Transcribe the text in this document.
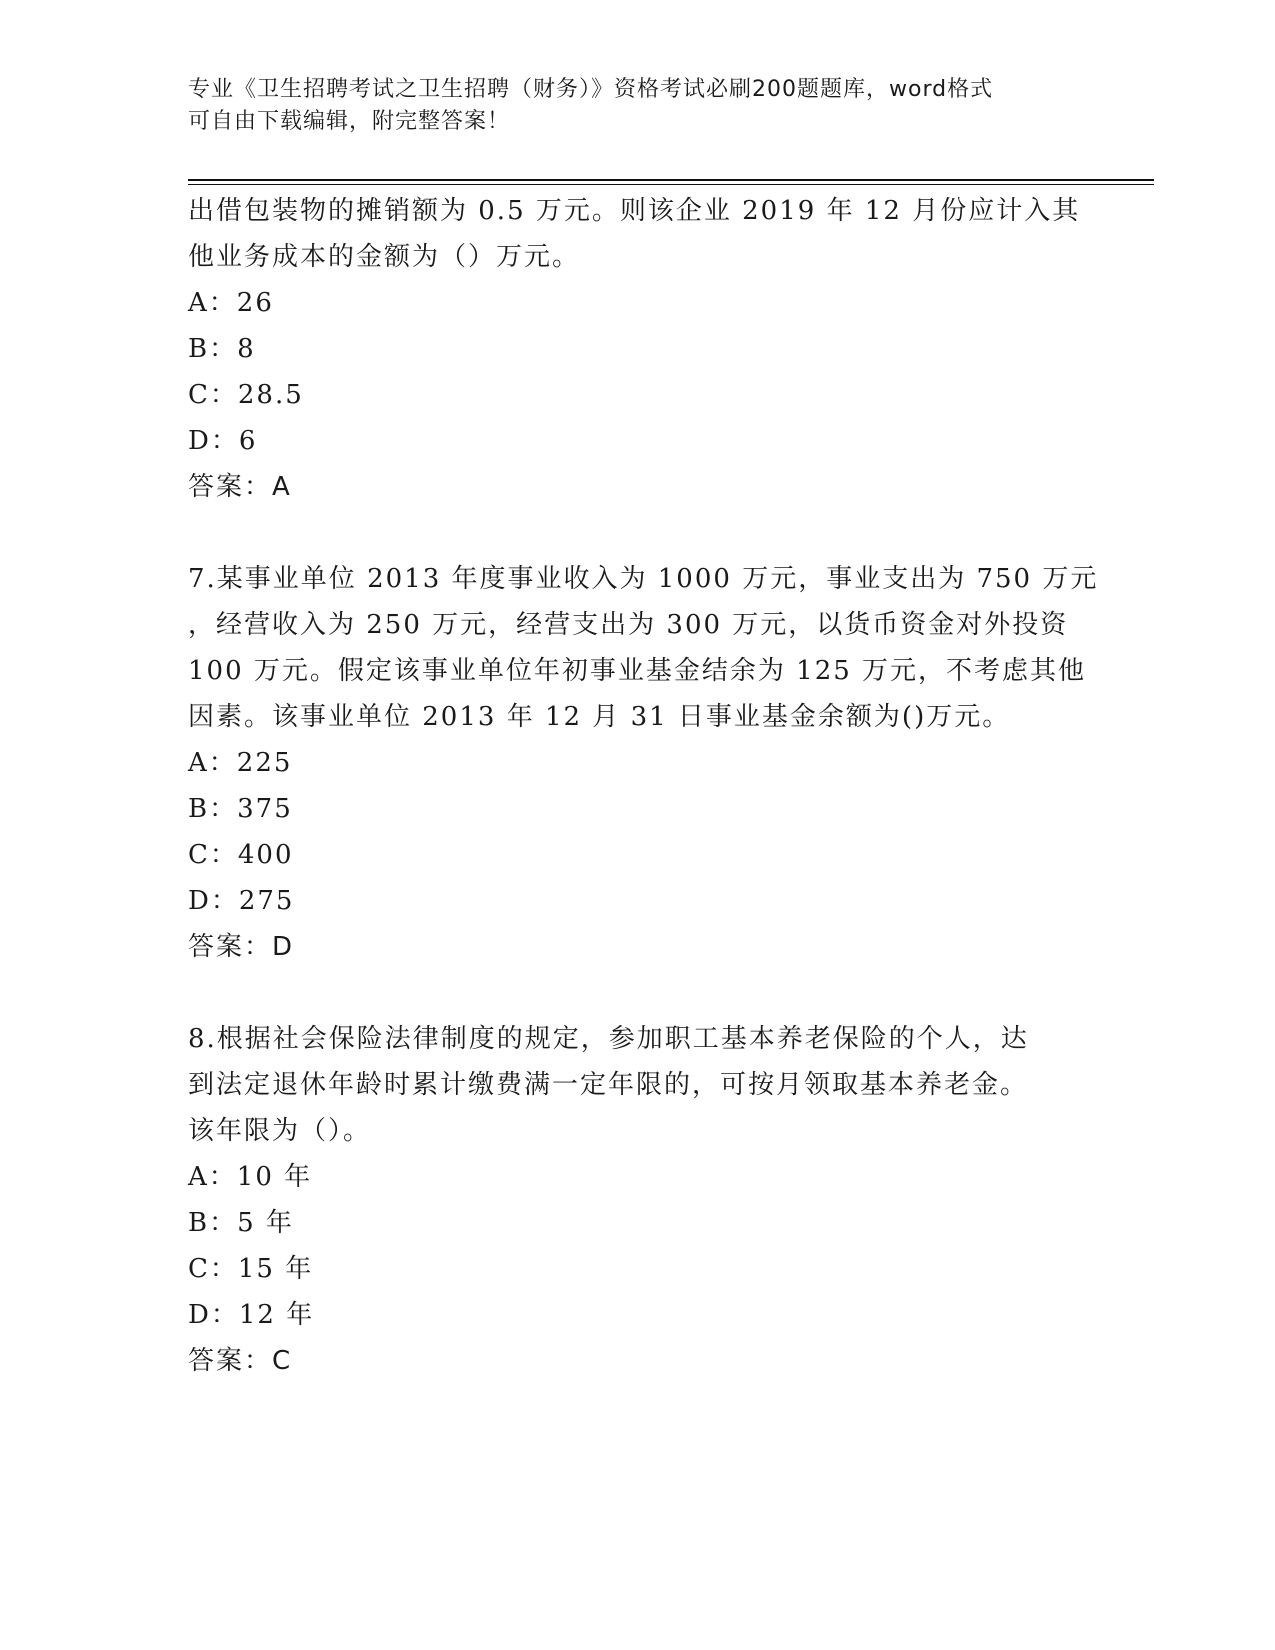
专业《卫生招聘考试之卫生招聘（财务）》资格考试必刷200题题库，word格式
可自由下载编辑，附完整答案！
出借包装物的摊销额为 0.5 万元。则该企业 2019 年 12 月份应计入其
他业务成本的金额为（）万元。
A：26
B：8
C：28.5
D：6
答案：A
7.某事业单位 2013 年度事业收入为 1000 万元，事业支出为 750 万元
，经营收入为 250 万元，经营支出为 300 万元，以货币资金对外投资
100 万元。假定该事业单位年初事业基金结余为 125 万元，不考虑其他
因素。该事业单位 2013 年 12 月 31 日事业基金余额为()万元。
A：225
B：375
C：400
D：275
答案：D
8.根据社会保险法律制度的规定，参加职工基本养老保险的个人，达
到法定退休年龄时累计缴费满一定年限的，可按月领取基本养老金。
该年限为（）。
A：10 年
B：5 年
C：15 年
D：12 年
答案：C
